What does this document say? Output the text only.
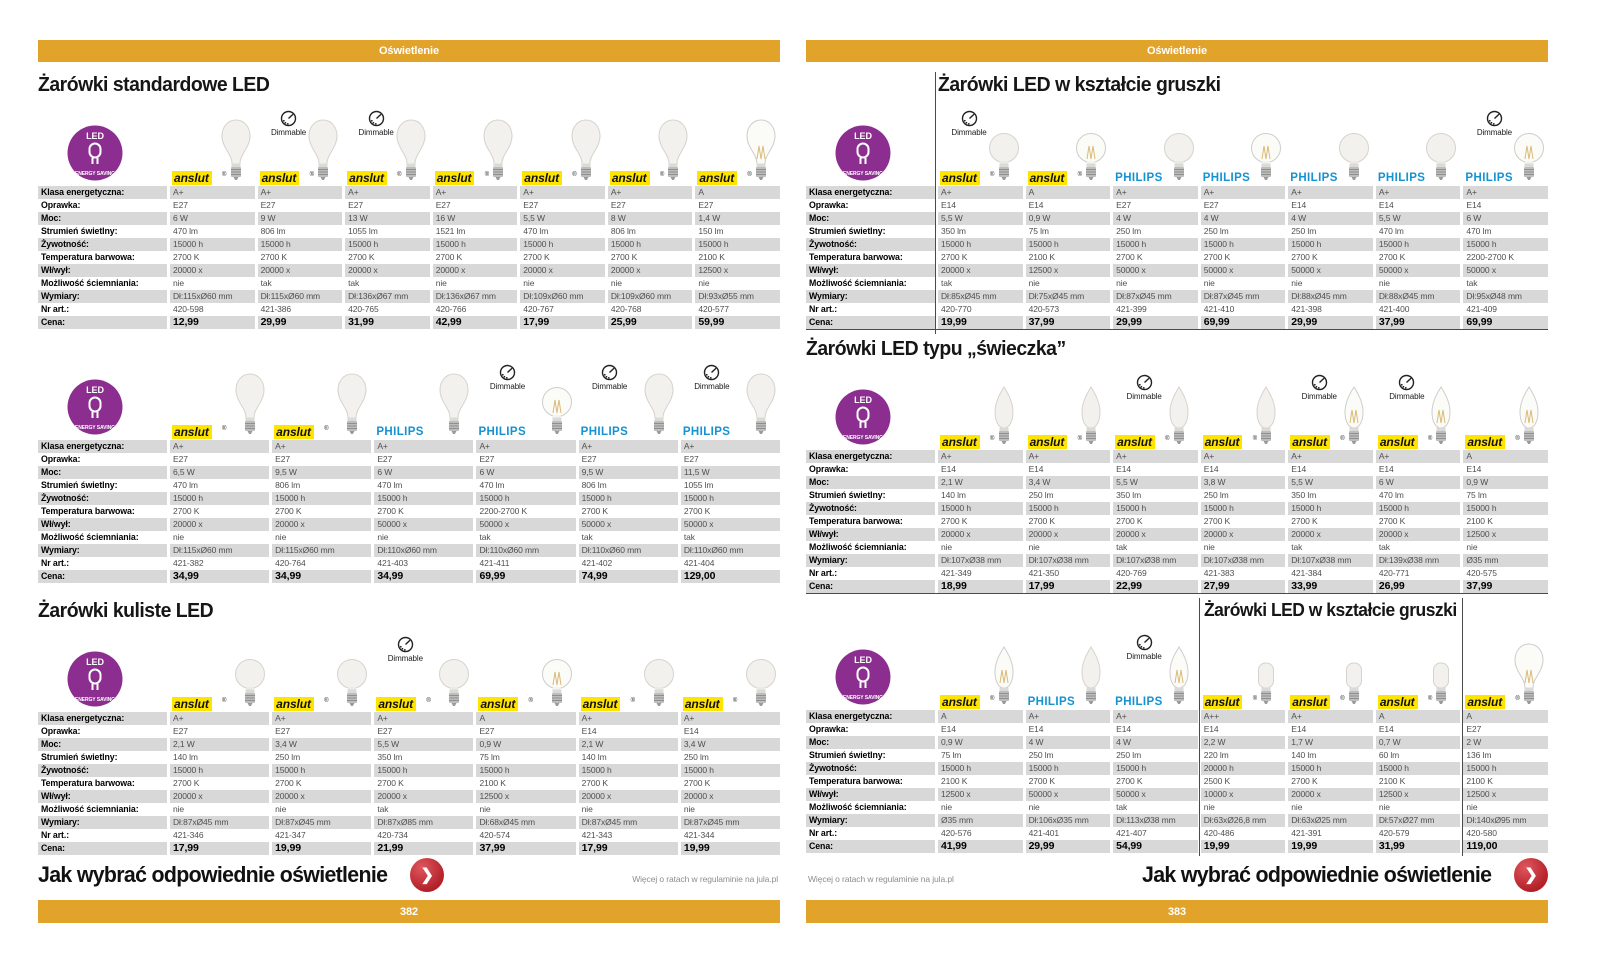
Oświetlenie
Żarówki standardowe LED
LED
ENERGY SAVING	anslut	®
Dimmable
anslut	®
Dimmable
anslut	®	anslut	®	anslut	®	anslut	®	anslut	®
Klasa energetyczna:	A+	A+	A+	A+	A+	A+	A
Oprawka:	E27	E27	E27	E27	E27	E27	E27
Moc:	6 W	9 W	13 W	16 W	5,5 W	8 W	1,4 W
Strumień świetlny:	470 lm	806 lm	1055 lm	1521 lm	470 lm	806 lm	150 lm
Żywotność:	15000 h	15000 h	15000 h	15000 h	15000 h	15000 h	15000 h
Temperatura barwowa:	2700 K	2700 K	2700 K	2700 K	2700 K	2700 K	2100 K
Wł/wył:	20000 x	20000 x	20000 x	20000 x	20000 x	20000 x	12500 x
Możliwość ściemniania:	nie	tak	tak	nie	nie	nie	nie
Wymiary:	Dł:115xØ60 mm	Dł:115xØ60 mm	Dł:136xØ67 mm	Dł:136xØ67 mm	Dł:109xØ60 mm	Dł:109xØ60 mm	Dł:93xØ55 mm
Nr art.:	420-598	421-386	420-765	420-766	420-767	420-768	420-577
Cena:	12,99	29,99	31,99	42,99	17,99	25,99	59,99
LED
ENERGY SAVING	anslut	®	anslut	®	PHILIPS
Dimmable
PHILIPS
Dimmable
PHILIPS
Dimmable
PHILIPS
Klasa energetyczna:	A+	A+	A+	A+	A+	A+
Oprawka:	E27	E27	E27	E27	E27	E27
Moc:	6,5 W	9,5 W	6 W	6 W	9,5 W	11,5 W
Strumień świetlny:	470 lm	806 lm	470 lm	470 lm	806 lm	1055 lm
Żywotność:	15000 h	15000 h	15000 h	15000 h	15000 h	15000 h
Temperatura barwowa:	2700 K	2700 K	2700 K	2200-2700 K	2700 K	2700 K
Wł/wył:	20000 x	20000 x	50000 x	50000 x	50000 x	50000 x
Możliwość ściemniania:	nie	nie	nie	tak	tak	tak
Wymiary:	Dł:115xØ60 mm	Dł:115xØ60 mm	Dł:110xØ60 mm	Dł:110xØ60 mm	Dł:110xØ60 mm	Dł:110xØ60 mm
Nr art.:	421-382	420-764	421-403	421-411	421-402	421-404
Cena:	34,99	34,99	34,99	69,99	74,99	129,00
Żarówki kuliste LED
LED
ENERGY SAVING	anslut	®	anslut	®
Dimmable
anslut	®	anslut	®	anslut	®	anslut	®
Klasa energetyczna:	A+	A+	A+	A	A+	A+
Oprawka:	E27	E27	E27	E27	E14	E14
Moc:	2,1 W	3,4 W	5,5 W	0,9 W	2,1 W	3,4 W
Strumień świetlny:	140 lm	250 lm	350 lm	75 lm	140 lm	250 lm
Żywotność:	15000 h	15000 h	15000 h	15000 h	15000 h	15000 h
Temperatura barwowa:	2700 K	2700 K	2700 K	2100 K	2700 K	2700 K
Wł/wył:	20000 x	20000 x	20000 x	12500 x	20000 x	20000 x
Możliwość ściemniania:	nie	nie	tak	nie	nie	nie
Wymiary:	Dł:87xØ45 mm	Dł:87xØ45 mm	Dł:87xØ85 mm	Dł:68xØ45 mm	Dł:87xØ45 mm	Dł:87xØ45 mm
Nr art.:	421-346	421-347	420-734	420-574	421-343	421-344
Cena:	17,99	19,99	21,99	37,99	17,99	19,99
Jak wybrać odpowiednie oświetlenie	❯	Więcej o ratach w regulaminie na jula.pl
382
Oświetlenie
Żarówki LED w kształcie gruszki
LED
ENERGY SAVING
Dimmable
anslut	®	anslut	®	PHILIPS	PHILIPS	PHILIPS	PHILIPS
Dimmable
PHILIPS
Klasa energetyczna:	A+	A	A+	A+	A+	A+	A+
Oprawka:	E14	E14	E27	E27	E14	E14	E14
Moc:	5,5 W	0,9 W	4 W	4 W	4 W	5,5 W	6 W
Strumień świetlny:	350 lm	75 lm	250 lm	250 lm	250 lm	470 lm	470 lm
Żywotność:	15000 h	15000 h	15000 h	15000 h	15000 h	15000 h	15000 h
Temperatura barwowa:	2700 K	2100 K	2700 K	2700 K	2700 K	2700 K	2200-2700 K
Wł/wył:	20000 x	12500 x	50000 x	50000 x	50000 x	50000 x	50000 x
Możliwość ściemniania:	tak	nie	nie	nie	nie	nie	tak
Wymiary:	Dł:85xØ45 mm	Dł:75xØ45 mm	Dł:87xØ45 mm	Dł:87xØ45 mm	Dł:88xØ45 mm	Dł:88xØ45 mm	Dł:95xØ48 mm
Nr art.:	420-770	420-573	421-399	421-410	421-398	421-400	421-409
Cena:	19,99	37,99	29,99	69,99	29,99	37,99	69,99
Żarówki LED typu „świeczka”
LED
ENERGY SAVING	anslut	®	anslut	®
Dimmable
anslut	®	anslut	®
Dimmable
anslut	®
Dimmable
anslut	®	anslut	®
Klasa energetyczna:	A+	A+	A+	A+	A+	A+	A
Oprawka:	E14	E14	E14	E14	E14	E14	E14
Moc:	2,1 W	3,4 W	5,5 W	3,8 W	5,5 W	6 W	0,9 W
Strumień świetlny:	140 lm	250 lm	350 lm	250 lm	350 lm	470 lm	75 lm
Żywotność:	15000 h	15000 h	15000 h	15000 h	15000 h	15000 h	15000 h
Temperatura barwowa:	2700 K	2700 K	2700 K	2700 K	2700 K	2700 K	2100 K
Wł/wył:	20000 x	20000 x	20000 x	20000 x	20000 x	20000 x	12500 x
Możliwość ściemniania:	nie	nie	tak	nie	tak	tak	nie
Wymiary:	Dł:107xØ38 mm	Dł:107xØ38 mm	Dł:107xØ38 mm	Dł:107xØ38 mm	Dł:107xØ38 mm	Dł:139xØ38 mm	Ø35 mm
Nr art.:	421-349	421-350	420-769	421-383	421-384	420-771	420-575
Cena:	18,99	17,99	22,99	27,99	33,99	26,99	37,99
Żarówki LED w kształcie gruszki
LED
ENERGY SAVING	anslut	®	PHILIPS
Dimmable
PHILIPS	anslut	®	anslut	®	anslut	®	anslut	®
Klasa energetyczna:	A	A+	A+	A++	A+	A	A
Oprawka:	E14	E14	E14	E14	E14	E14	E27
Moc:	0,9 W	4 W	4 W	2,2 W	1,7 W	0,7 W	2 W
Strumień świetlny:	75 lm	250 lm	250 lm	220 lm	140 lm	60 lm	136 lm
Żywotność:	15000 h	15000 h	15000 h	20000 h	15000 h	15000 h	15000 h
Temperatura barwowa:	2100 K	2700 K	2700 K	2500 K	2700 K	2100 K	2100 K
Wł/wył:	12500 x	50000 x	50000 x	10000 x	20000 x	12500 x	12500 x
Możliwość ściemniania:	nie	nie	tak	nie	nie	nie	nie
Wymiary:	Ø35 mm	Dł:106xØ35 mm	Dł:113xØ38 mm	Dł:63xØ26,8 mm	Dł:63xØ25 mm	Dł:57xØ27 mm	Dł:140xØ95 mm
Nr art.:	420-576	421-401	421-407	420-486	421-391	420-579	420-580
Cena:	41,99	29,99	54,99	19,99	19,99	31,99	119,00
Więcej o ratach w regulaminie na jula.pl	Jak wybrać odpowiednie oświetlenie	❯
383
